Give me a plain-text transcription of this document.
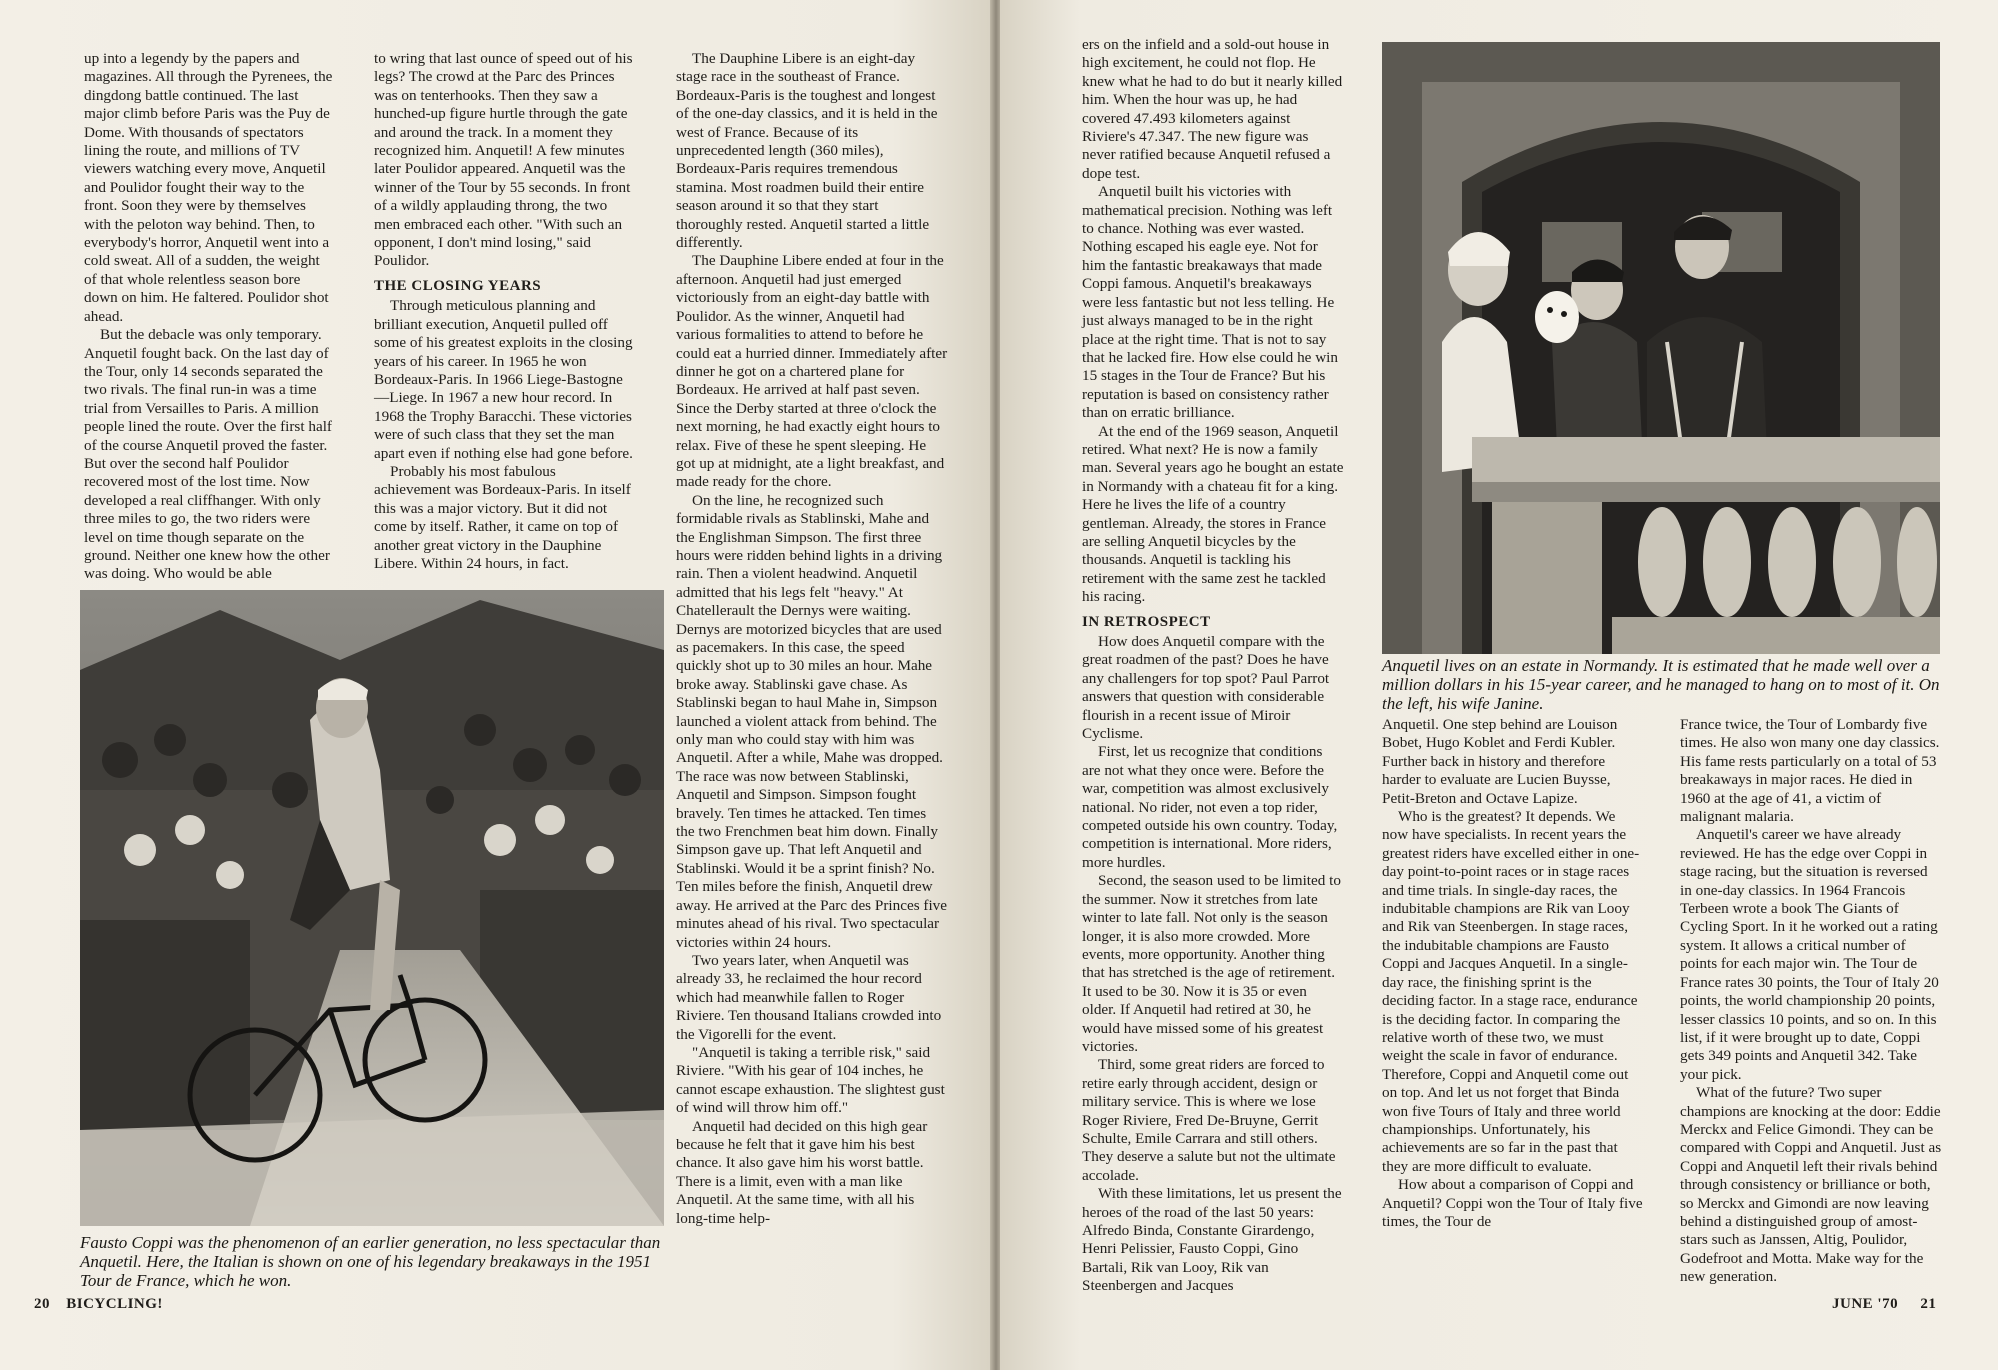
up into a legendy by the papers and magazines. All through the Pyrenees, the dingdong battle continued. The last major climb before Paris was the Puy de Dome. With thousands of spectators lining the route, and millions of TV viewers watching every move, Anquetil and Poulidor fought their way to the front. Soon they were by themselves with the peloton way behind. Then, to everybody's horror, Anquetil went into a cold sweat. All of a sudden, the weight of that whole relentless season bore down on him. He faltered. Poulidor shot ahead.

But the debacle was only temporary. Anquetil fought back. On the last day of the Tour, only 14 seconds separated the two rivals. The final run-in was a time trial from Versailles to Paris. A million people lined the route. Over the first half of the course Anquetil proved the faster. But over the second half Poulidor recovered most of the lost time. Now developed a real cliffhanger. With only three miles to go, the two riders were level on time though separate on the ground. Neither one knew how the other was doing. Who would be able

to wring that last ounce of speed out of his legs? The crowd at the Parc des Princes was on tenterhooks. Then they saw a hunched-up figure hurtle through the gate and around the track. In a moment they recognized him. Anquetil! A few minutes later Poulidor appeared. Anquetil was the winner of the Tour by 55 seconds. In front of a wildly applauding throng, the two men embraced each other. "With such an opponent, I don't mind losing," said Poulidor.

THE CLOSING YEARS

Through meticulous planning and brilliant execution, Anquetil pulled off some of his greatest exploits in the closing years of his career. In 1965 he won Bordeaux-Paris. In 1966 Liege-Bastogne—Liege. In 1967 a new hour record. In 1968 the Trophy Baracchi. These victories were of such class that they set the man apart even if nothing else had gone before.

Probably his most fabulous achievement was Bordeaux-Paris. In itself this was a major victory. But it did not come by itself. Rather, it came on top of another great victory in the Dauphine Libere. Within 24 hours, in fact.

The Dauphine Libere is an eight-day stage race in the southeast of France. Bordeaux-Paris is the toughest and longest of the one-day classics, and it is held in the west of France. Because of its unprecedented length (360 miles), Bordeaux-Paris requires tremendous stamina. Most roadmen build their entire season around it so that they start thoroughly rested. Anquetil started a little differently.

The Dauphine Libere ended at four in the afternoon. Anquetil had just emerged victoriously from an eight-day battle with Poulidor. As the winner, Anquetil had various formalities to attend to before he could eat a hurried dinner. Immediately after dinner he got on a chartered plane for Bordeaux. He arrived at half past seven. Since the Derby started at three o'clock the next morning, he had exactly eight hours to relax. Five of these he spent sleeping. He got up at midnight, ate a light breakfast, and made ready for the chore.

On the line, he recognized such formidable rivals as Stablinski, Mahe and the Englishman Simpson. The first three hours were ridden behind lights in a driving rain. Then a violent headwind. Anquetil admitted that his legs felt "heavy." At Chatellerault the Dernys were waiting. Dernys are motorized bicycles that are used as pacemakers. In this case, the speed quickly shot up to 30 miles an hour. Mahe broke away. Stablinski gave chase. As Stablinski began to haul Mahe in, Simpson launched a violent attack from behind. The only man who could stay with him was Anquetil. After a while, Mahe was dropped. The race was now between Stablinski, Anquetil and Simpson. Simpson fought bravely. Ten times he attacked. Ten times the two Frenchmen beat him down. Finally Simpson gave up. That left Anquetil and Stablinski. Would it be a sprint finish? No. Ten miles before the finish, Anquetil drew away. He arrived at the Parc des Princes five minutes ahead of his rival. Two spectacular victories within 24 hours.

Two years later, when Anquetil was already 33, he reclaimed the hour record which had meanwhile fallen to Roger Riviere. Ten thousand Italians crowded into the Vigorelli for the event.

"Anquetil is taking a terrible risk," said Riviere. "With his gear of 104 inches, he cannot escape exhaustion. The slightest gust of wind will throw him off."

Anquetil had decided on this high gear because he felt that it gave him his best chance. It also gave him his worst battle. There is a limit, even with a man like Anquetil. At the same time, with all his long-time help-

Fausto Coppi was the phenomenon of an earlier generation, no less spectacular than Anquetil. Here, the Italian is shown on one of his legendary breakaways in the 1951 Tour de France, which he won.
20 BICYCLING!

ers on the infield and a sold-out house in high excitement, he could not flop. He knew what he had to do but it nearly killed him. When the hour was up, he had covered 47.493 kilometers against Riviere's 47.347. The new figure was never ratified because Anquetil refused a dope test.

Anquetil built his victories with mathematical precision. Nothing was left to chance. Nothing was ever wasted. Nothing escaped his eagle eye. Not for him the fantastic breakaways that made Coppi famous. Anquetil's breakaways were less fantastic but not less telling. He just always managed to be in the right place at the right time. That is not to say that he lacked fire. How else could he win 15 stages in the Tour de France? But his reputation is based on consistency rather than on erratic brilliance.

At the end of the 1969 season, Anquetil retired. What next? He is now a family man. Several years ago he bought an estate in Normandy with a chateau fit for a king. Here he lives the life of a country gentleman. Already, the stores in France are selling Anquetil bicycles by the thousands. Anquetil is tackling his retirement with the same zest he tackled his racing.

IN RETROSPECT

How does Anquetil compare with the great roadmen of the past? Does he have any challengers for top spot? Paul Parrot answers that question with considerable flourish in a recent issue of Miroir Cyclisme.

First, let us recognize that conditions are not what they once were. Before the war, competition was almost exclusively national. No rider, not even a top rider, competed outside his own country. Today, competition is international. More riders, more hurdles.

Second, the season used to be limited to the summer. Now it stretches from late winter to late fall. Not only is the season longer, it is also more crowded. More events, more opportunity. Another thing that has stretched is the age of retirement. It used to be 30. Now it is 35 or even older. If Anquetil had retired at 30, he would have missed some of his greatest victories.

Third, some great riders are forced to retire early through accident, design or military service. This is where we lose Roger Riviere, Fred De-Bruyne, Gerrit Schulte, Emile Carrara and still others. They deserve a salute but not the ultimate accolade.

With these limitations, let us present the heroes of the road of the last 50 years: Alfredo Binda, Constante Girardengo, Henri Pelissier, Fausto Coppi, Gino Bartali, Rik van Looy, Rik van Steenbergen and Jacques

Anquetil lives on an estate in Normandy. It is estimated that he made well over a million dollars in his 15-year career, and he managed to hang on to most of it. On the left, his wife Janine.

Anquetil. One step behind are Louison Bobet, Hugo Koblet and Ferdi Kubler. Further back in history and therefore harder to evaluate are Lucien Buysse, Petit-Breton and Octave Lapize.

Who is the greatest? It depends. We now have specialists. In recent years the greatest riders have excelled either in one-day point-to-point races or in stage races and time trials. In single-day races, the indubitable champions are Rik van Looy and Rik van Steenbergen. In stage races, the indubitable champions are Fausto Coppi and Jacques Anquetil. In a single-day race, the finishing sprint is the deciding factor. In a stage race, endurance is the deciding factor. In comparing the relative worth of these two, we must weight the scale in favor of endurance. Therefore, Coppi and Anquetil come out on top. And let us not forget that Binda won five Tours of Italy and three world championships. Unfortunately, his achievements are so far in the past that they are more difficult to evaluate.

How about a comparison of Coppi and Anquetil? Coppi won the Tour of Italy five times, the Tour de

France twice, the Tour of Lombardy five times. He also won many one day classics. His fame rests particularly on a total of 53 breakaways in major races. He died in 1960 at the age of 41, a victim of malignant malaria.

Anquetil's career we have already reviewed. He has the edge over Coppi in stage racing, but the situation is reversed in one-day classics. In 1964 Francois Terbeen wrote a book The Giants of Cycling Sport. In it he worked out a rating system. It allows a critical number of points for each major win. The Tour de France rates 30 points, the Tour of Italy 20 points, the world championship 20 points, lesser classics 10 points, and so on. In this list, if it were brought up to date, Coppi gets 349 points and Anquetil 342. Take your pick.

What of the future? Two super champions are knocking at the door: Eddie Merckx and Felice Gimondi. They can be compared with Coppi and Anquetil. Just as Coppi and Anquetil left their rivals behind through consistency or brilliance or both, so Merckx and Gimondi are now leaving behind a distinguished group of amost-stars such as Janssen, Altig, Poulidor, Godefroot and Motta. Make way for the new generation.

JUNE '70 21
